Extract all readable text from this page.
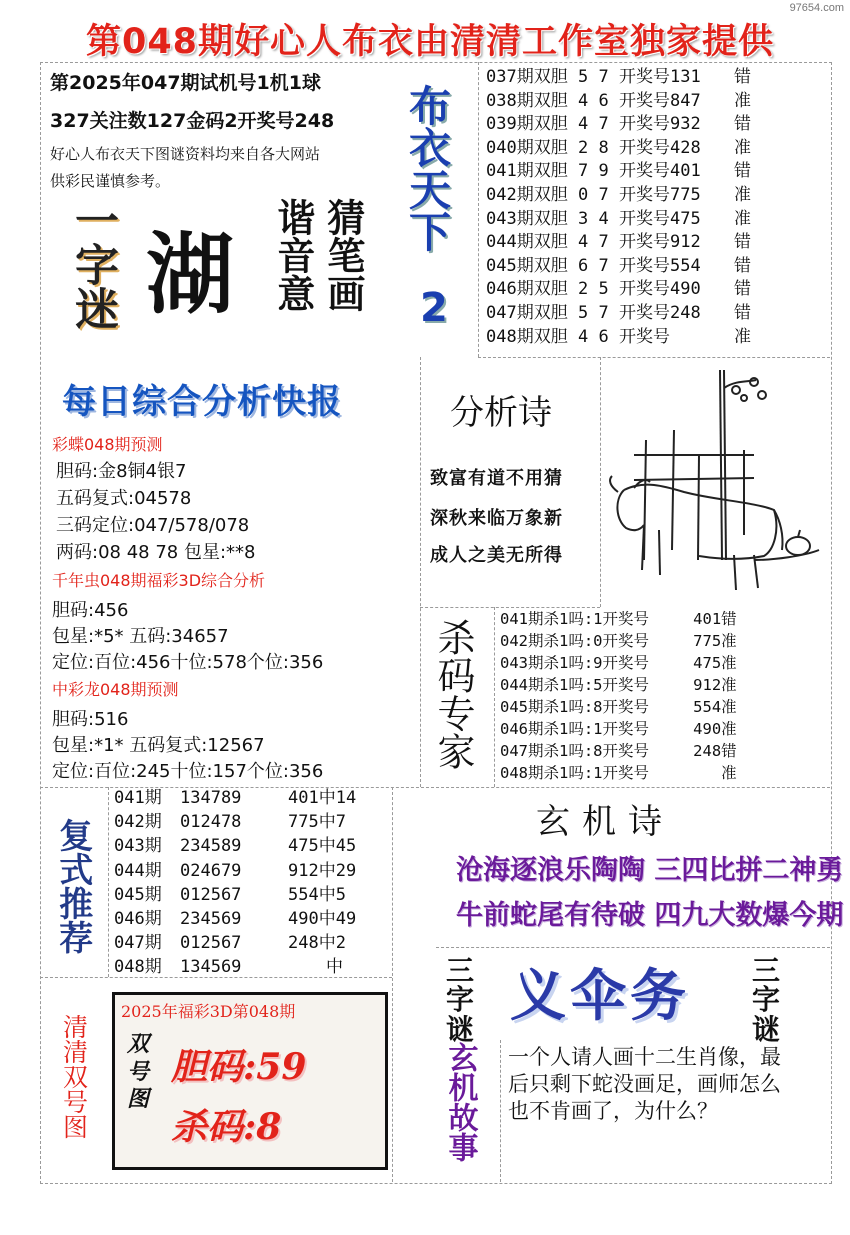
97654.com
第048期好心人布衣由清清工作室独家提供
第2025年047期试机号1机1球
327关注数127金码2开奖号248
好心人布衣天下图谜资料均来自各大网站
供彩民谨慎参考。
一字迷 湖 猜笔画
谐音意
布衣天下
2
037期双胆 5 7 开奖号131 错
038期双胆 4 6 开奖号847 准
039期双胆 4 7 开奖号932 错
040期双胆 2 8 开奖号428 准
041期双胆 7 9 开奖号401 错
042期双胆 0 7 开奖号775 准
043期双胆 3 4 开奖号475 准
044期双胆 4 7 开奖号912 错
045期双胆 6 7 开奖号554 错
046期双胆 2 5 开奖号490 错
047期双胆 5 7 开奖号248 错
048期双胆 4 6 开奖号	准
每日综合分析快报	分析诗
致富有道不用猜
深秋来临万象新
成人之美无所得
彩蝶048期预测
胆码:金8铜4银7
五码复式:04578
三码定位:047/578/078
两码:08 48 78 包星:**8
千年虫048期福彩3D综合分析
胆码:456
包星:*5* 五码:34657
定位:百位:456十位:578个位:356
中彩龙048期预测
胆码:516
包星:*1* 五码复式:12567
定位:百位:245十位:157个位:356
杀码专家 041期杀1吗:1开奖号	401错
042期杀1吗:0开奖号	775准
043期杀1吗:9开奖号	475准
044期杀1吗:5开奖号	912准
045期杀1吗:8开奖号	554准
046期杀1吗:1开奖号	490准
047期杀1吗:8开奖号	248错
048期杀1吗:1开奖号	准
复式推荐
041期 134789	401中14
042期 012478	775中7
043期 234589	475中45
044期 024679	912中29
045期 012567	554中5
046期 234569	490中49
047期 012567	248中2
048期 134569	中
玄机诗
沧海逐浪乐陶陶 三四比拼二神勇
牛前蛇尾有待破 四九大数爆今期
三字谜
义伞务 三字谜
玄机故事 一个人请人画十二生肖像，最后只剩下蛇没画足，画师怎么也不肯画了，为什么？
清清双号图
2025年福彩3D第048期
双号图
胆码:59
杀码:8
